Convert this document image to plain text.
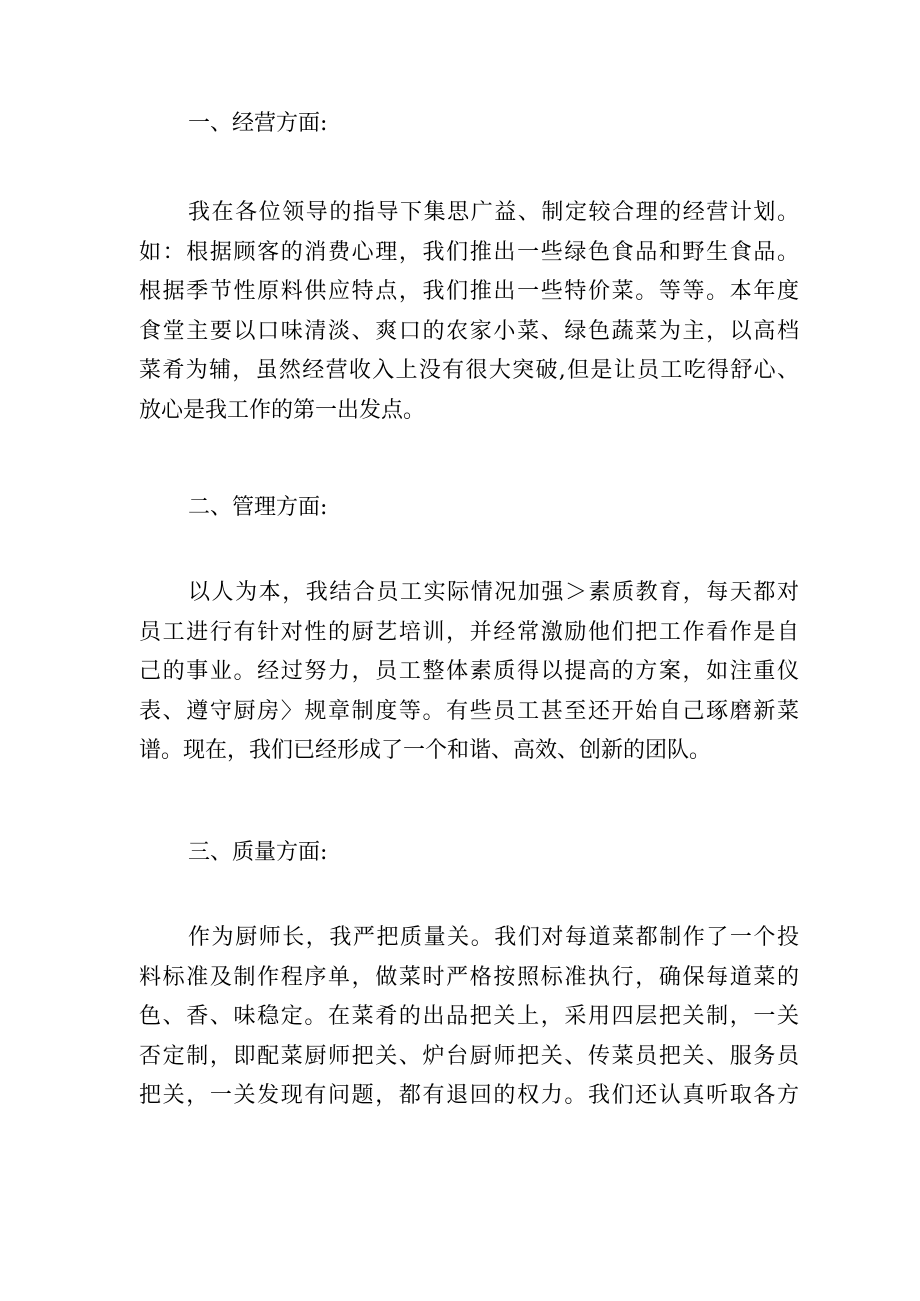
一、经营方面:
我在各位领导的指导下集思广益、制定较合理的经营计划。
如：根据顾客的消费心理，我们推出一些绿色食品和野生食品。
根据季节性原料供应特点，我们推出一些特价菜。等等。本年度
食堂主要以口味清淡、爽口的农家小菜、绿色蔬菜为主，以高档
菜肴为辅，虽然经营收入上没有很大突破,但是让员工吃得舒心、
放心是我工作的第一出发点。
二、管理方面:
以人为本，我结合员工实际情况加强＞素质教育，每天都对
员工进行有针对性的厨艺培训，并经常激励他们把工作看作是自
己的事业。经过努力，员工整体素质得以提高的方案，如注重仪
表、遵守厨房〉规章制度等。有些员工甚至还开始自己琢磨新菜
谱。现在，我们已经形成了一个和谐、高效、创新的团队。
三、质量方面:
作为厨师长，我严把质量关。我们对每道菜都制作了一个投
料标准及制作程序单，做菜时严格按照标准执行，确保每道菜的
色、香、味稳定。在菜肴的出品把关上，采用四层把关制，一关
否定制，即配菜厨师把关、炉台厨师把关、传菜员把关、服务员
把关，一关发现有问题，都有退回的权力。我们还认真听取各方
